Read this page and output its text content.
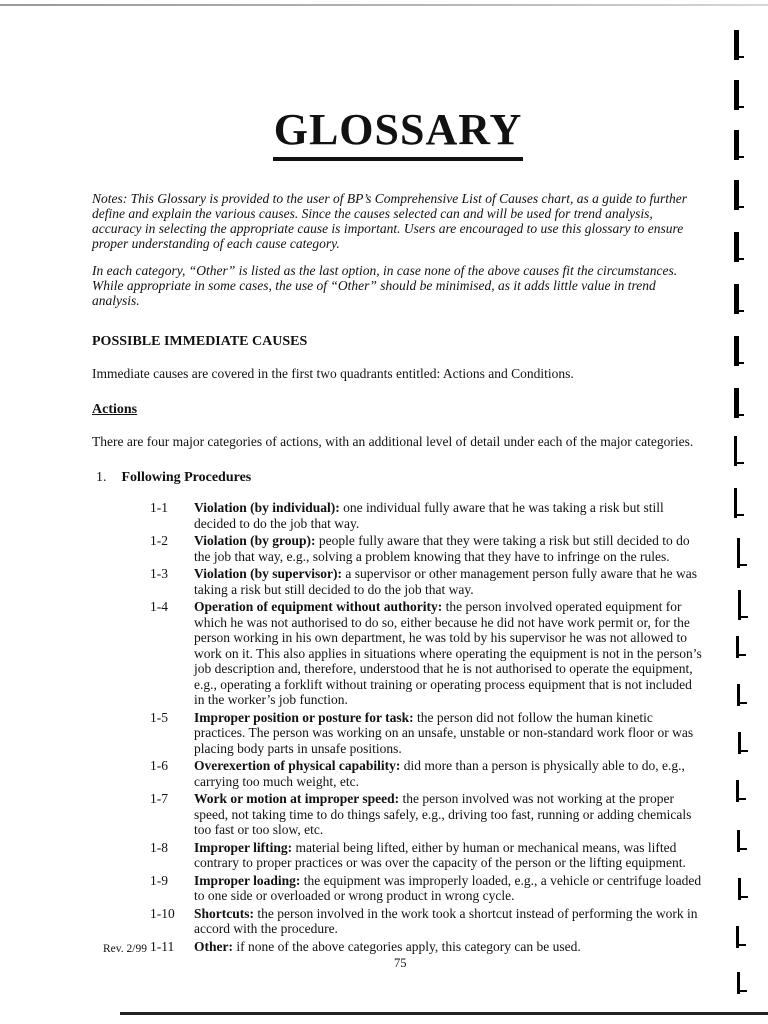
GLOSSARY

Notes: This Glossary is provided to the user of BP’s Comprehensive List of Causes chart, as a guide to further define and explain the various causes. Since the causes selected can and will be used for trend analysis, accuracy in selecting the appropriate cause is important. Users are encouraged to use this glossary to ensure proper understanding of each cause category.

In each category, “Other” is listed as the last option, in case none of the above causes fit the circumstances. While appropriate in some cases, the use of “Other” should be minimised, as it adds little value in trend analysis.

POSSIBLE IMMEDIATE CAUSES
Immediate causes are covered in the first two quadrants entitled: Actions and Conditions.
Actions
There are four major categories of actions, with an additional level of detail under each of the major categories.
1. Following Procedures
1-1	Violation (by individual): one individual fully aware that he was taking a risk but still decided to do the job that way.
1-2	Violation (by group): people fully aware that they were taking a risk but still decided to do the job that way, e.g., solving a problem knowing that they have to infringe on the rules.
1-3	Violation (by supervisor): a supervisor or other management person fully aware that he was taking a risk but still decided to do the job that way.
1-4	Operation of equipment without authority: the person involved operated equipment for which he was not authorised to do so, either because he did not have work permit or, for the person working in his own department, he was told by his supervisor he was not allowed to work on it. This also applies in situations where operating the equipment is not in the person’s job description and, therefore, understood that he is not authorised to operate the equipment, e.g., operating a forklift without training or operating process equipment that is not included in the worker’s job function.
1-5	Improper position or posture for task: the person did not follow the human kinetic practices. The person was working on an unsafe, unstable or non-standard work floor or was placing body parts in unsafe positions.
1-6	Overexertion of physical capability: did more than a person is physically able to do, e.g., carrying too much weight, etc.
1-7	Work or motion at improper speed: the person involved was not working at the proper speed, not taking time to do things safely, e.g., driving too fast, running or adding chemicals too fast or too slow, etc.
1-8	Improper lifting: material being lifted, either by human or mechanical means, was lifted contrary to proper practices or was over the capacity of the person or the lifting equipment.
1-9	Improper loading: the equipment was improperly loaded, e.g., a vehicle or centrifuge loaded to one side or overloaded or wrong product in wrong cycle.
1-10	Shortcuts: the person involved in the work took a shortcut instead of performing the work in accord with the procedure.
1-11	Other: if none of the above categories apply, this category can be used.
Rev. 2/99
75
